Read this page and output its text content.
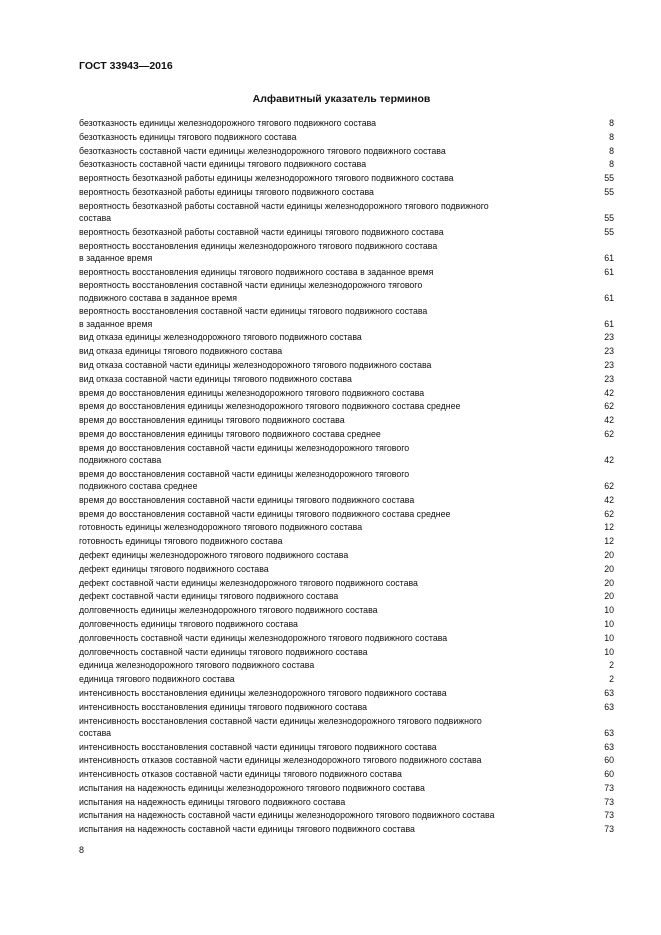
ГОСТ 33943—2016
Алфавитный указатель терминов
безотказность единицы железнодорожного тягового подвижного состава	8
безотказность единицы тягового подвижного состава	8
безотказность составной части единицы железнодорожного тягового подвижного состава	8
безотказность составной части единицы тягового подвижного состава	8
вероятность безотказной работы единицы железнодорожного тягового подвижного состава	55
вероятность безотказной работы единицы тягового подвижного состава	55
вероятность безотказной работы составной части единицы железнодорожного тягового подвижного
состава	55
вероятность безотказной работы составной части единицы тягового подвижного состава	55
вероятность восстановления единицы железнодорожного тягового подвижного состава
в заданное время	61
вероятность восстановления единицы тягового подвижного состава в заданное время	61
вероятность восстановления составной части единицы железнодорожного тягового
подвижного состава в заданное время	61
вероятность восстановления составной части единицы тягового подвижного состава
в заданное время	61
вид отказа единицы железнодорожного тягового подвижного состава	23
вид отказа единицы тягового подвижного состава	23
вид отказа составной части единицы железнодорожного тягового подвижного состава	23
вид отказа составной части единицы тягового подвижного состава	23
время до восстановления единицы железнодорожного тягового подвижного состава	42
время до восстановления единицы железнодорожного тягового подвижного состава среднее	62
время до восстановления единицы тягового подвижного состава	42
время до восстановления единицы тягового подвижного состава среднее	62
время до восстановления составной части единицы железнодорожного тягового
подвижного состава	42
время до восстановления составной части единицы железнодорожного тягового
подвижного состава среднее	62
время до восстановления составной части единицы тягового подвижного состава	42
время до восстановления составной части единицы тягового подвижного состава среднее	62
готовность единицы железнодорожного тягового подвижного состава	12
готовность единицы тягового подвижного состава	12
дефект единицы железнодорожного тягового подвижного состава	20
дефект единицы тягового подвижного состава	20
дефект составной части единицы железнодорожного тягового подвижного состава	20
дефект составной части единицы тягового подвижного состава	20
долговечность единицы железнодорожного тягового подвижного состава	10
долговечность единицы тягового подвижного состава	10
долговечность составной части единицы железнодорожного тягового подвижного состава	10
долговечность составной части единицы тягового подвижного состава	10
единица железнодорожного тягового подвижного состава	2
единица тягового подвижного состава	2
интенсивность восстановления единицы железнодорожного тягового подвижного состава	63
интенсивность восстановления единицы тягового подвижного состава	63
интенсивность восстановления составной части единицы железнодорожного тягового подвижного
состава	63
интенсивность восстановления составной части единицы тягового подвижного состава	63
интенсивность отказов составной части единицы железнодорожного тягового подвижного состава	60
интенсивность отказов составной части единицы тягового подвижного состава	60
испытания на надежность единицы железнодорожного тягового подвижного состава	73
испытания на надежность единицы тягового подвижного состава	73
испытания на надежность составной части единицы железнодорожного тягового подвижного состава	73
испытания на надежность составной части единицы тягового подвижного состава	73
8
